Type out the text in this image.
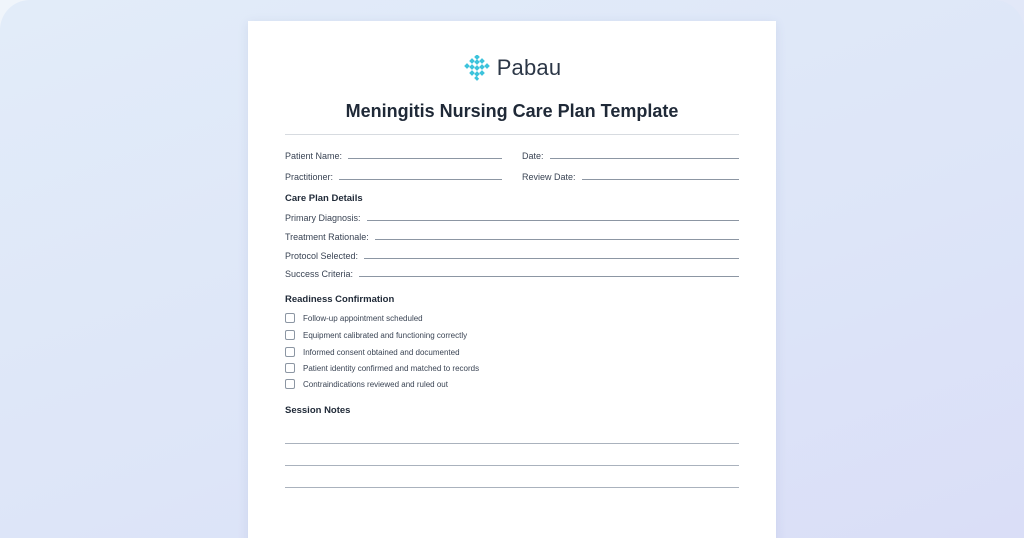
Pabau
Meningitis Nursing Care Plan Template
Patient Name:	Date:
Practitioner:	Review Date:
Care Plan Details
Primary Diagnosis:
Treatment Rationale:
Protocol Selected:
Success Criteria:
Readiness Confirmation
Follow-up appointment scheduled
Equipment calibrated and functioning correctly
Informed consent obtained and documented
Patient identity confirmed and matched to records
Contraindications reviewed and ruled out
Session Notes
